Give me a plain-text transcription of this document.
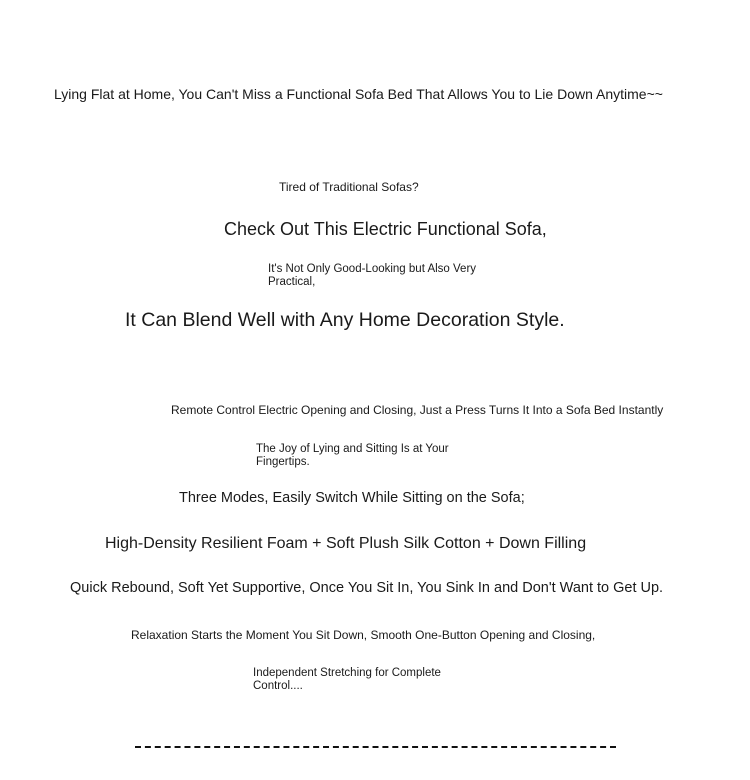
Lying Flat at Home, You Can't Miss a Functional Sofa Bed That Allows You to Lie Down Anytime~~
Tired of Traditional Sofas?
Check Out This Electric Functional Sofa,
It's Not Only Good-Looking but Also Very Practical,
It Can Blend Well with Any Home Decoration Style.
Remote Control Electric Opening and Closing, Just a Press Turns It Into a Sofa Bed Instantly
The Joy of Lying and Sitting Is at Your Fingertips.
Three Modes, Easily Switch While Sitting on the Sofa;
High-Density Resilient Foam + Soft Plush Silk Cotton + Down Filling
Quick Rebound, Soft Yet Supportive, Once You Sit In, You Sink In and Don't Want to Get Up.
Relaxation Starts the Moment You Sit Down, Smooth One-Button Opening and Closing,
Independent Stretching for Complete Control....
